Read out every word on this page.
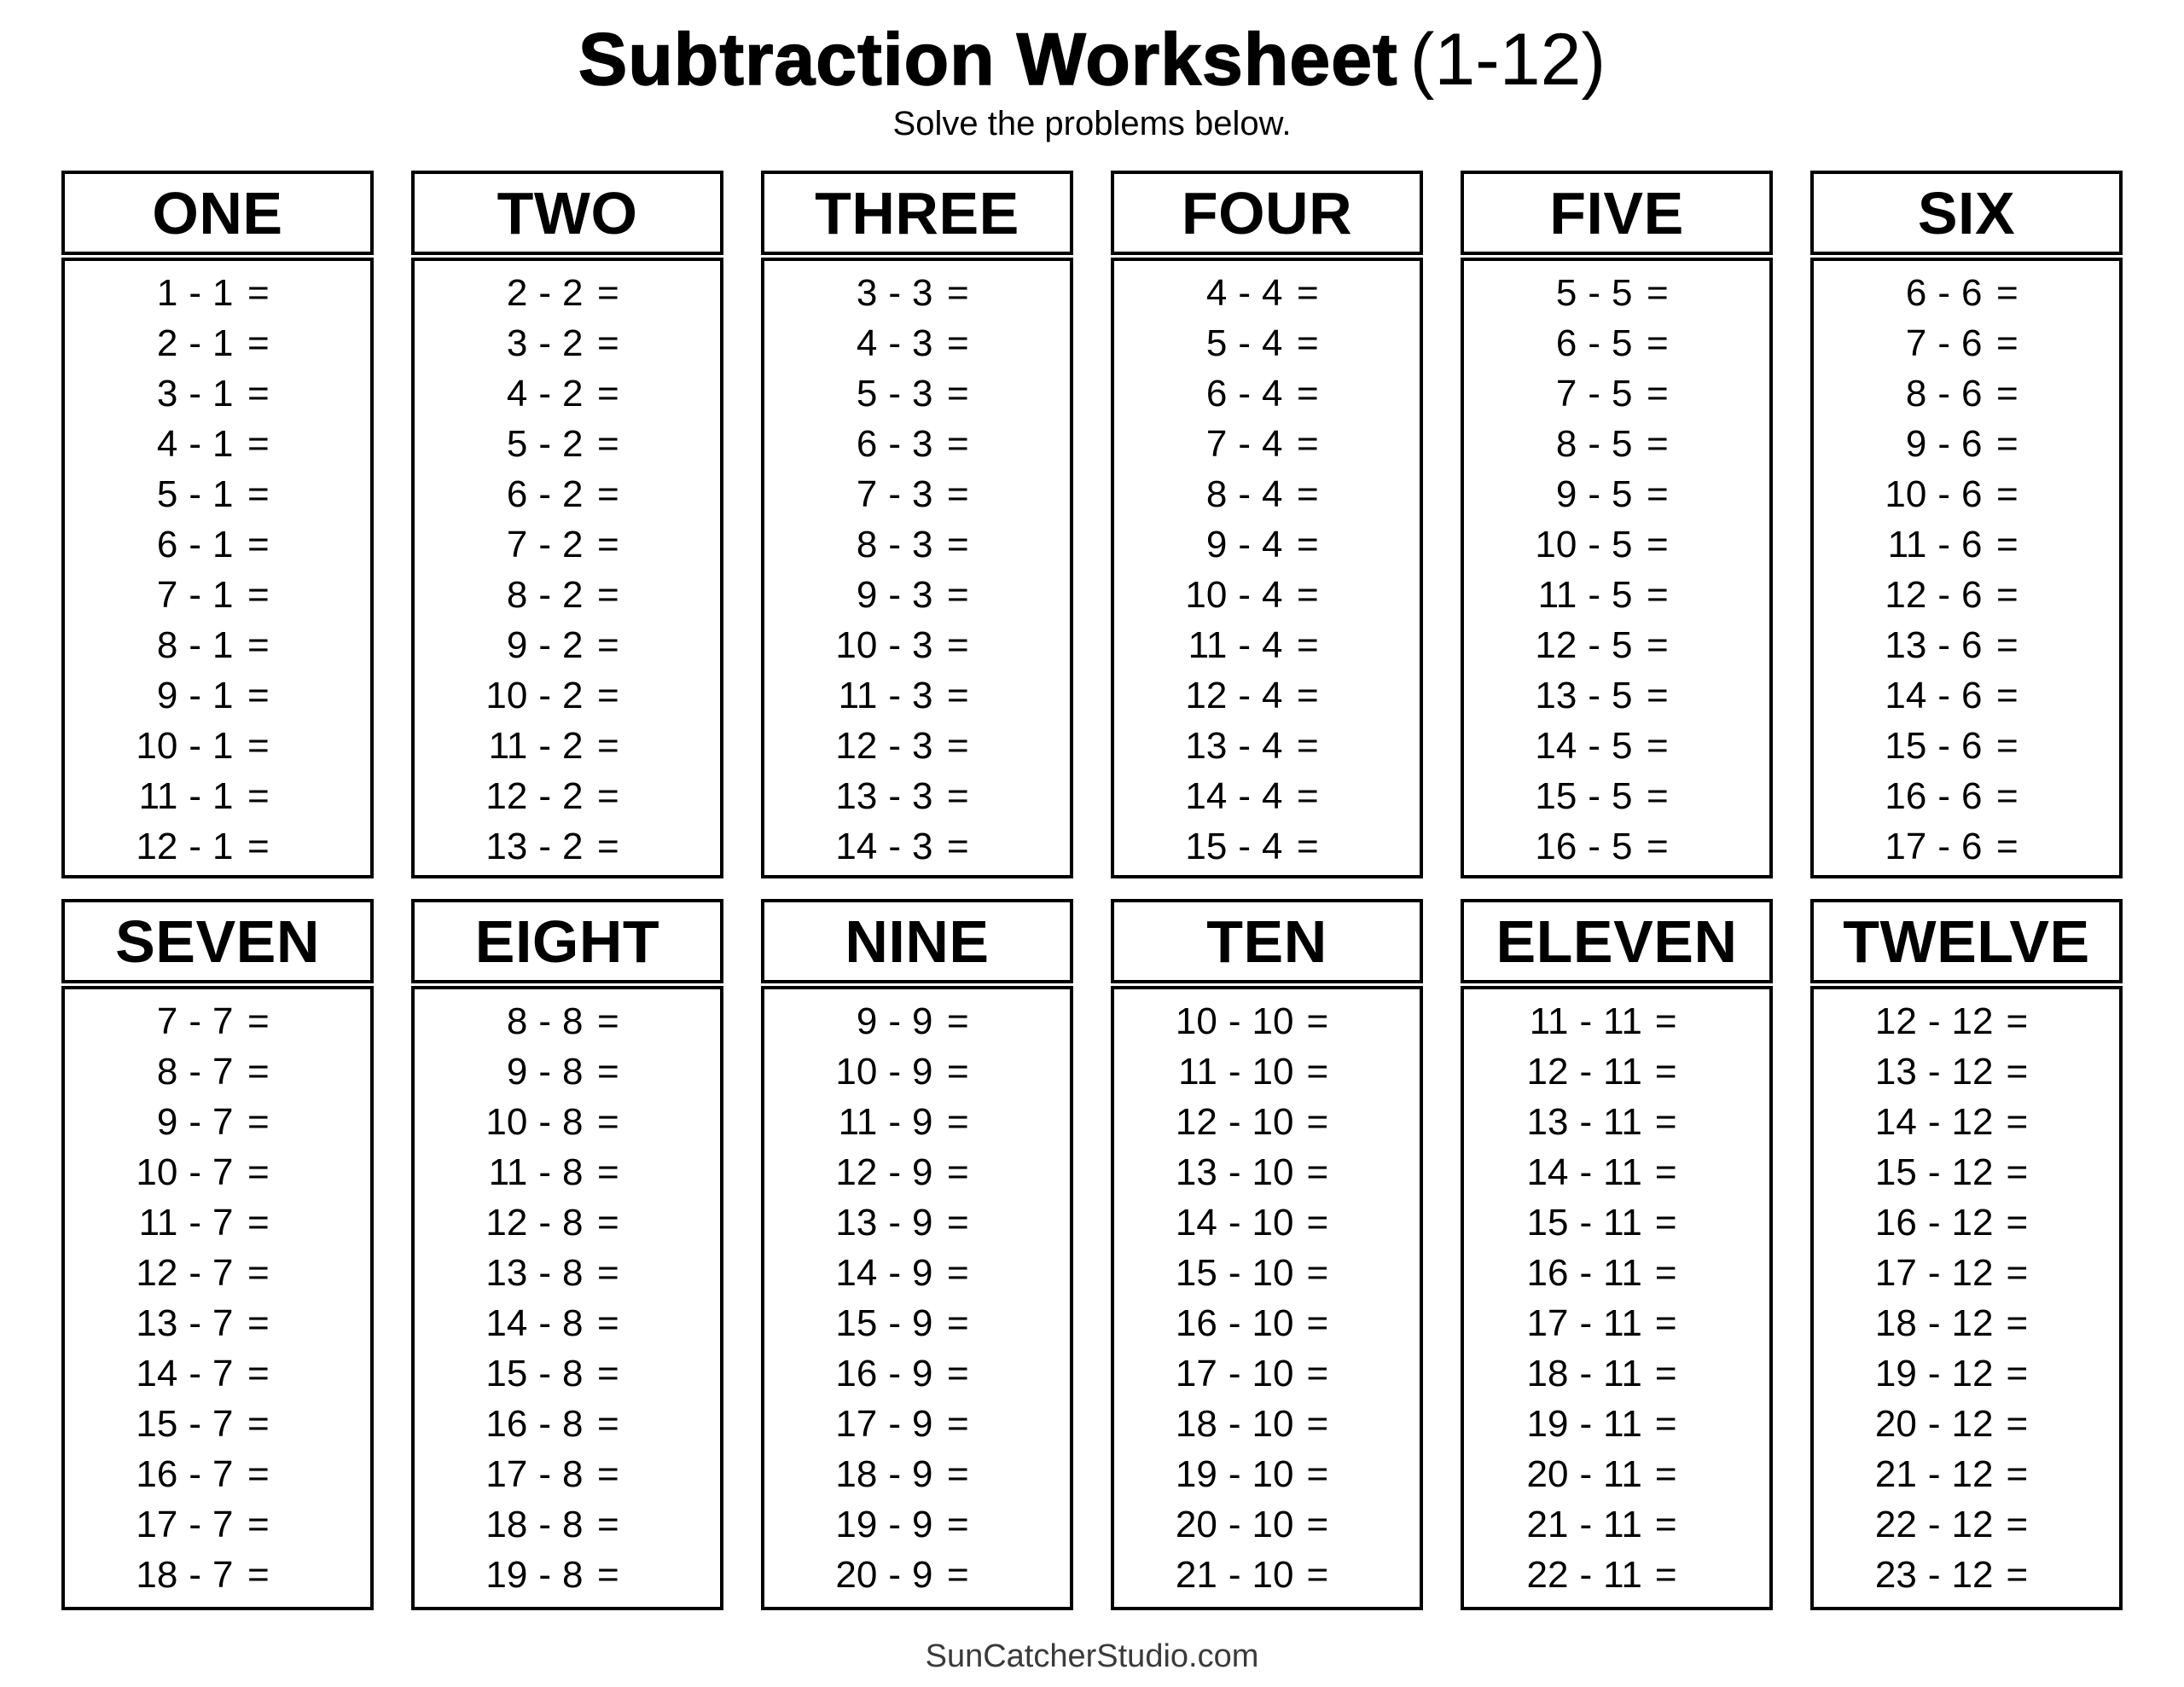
Subtraction Worksheet (1-12)
Solve the problems below.
ONE
1 - 1 =
2 - 1 =
3 - 1 =
4 - 1 =
5 - 1 =
6 - 1 =
7 - 1 =
8 - 1 =
9 - 1 =
10 - 1 =
11 - 1 =
12 - 1 =
TWO
2 - 2 =
3 - 2 =
4 - 2 =
5 - 2 =
6 - 2 =
7 - 2 =
8 - 2 =
9 - 2 =
10 - 2 =
11 - 2 =
12 - 2 =
13 - 2 =
THREE
3 - 3 =
4 - 3 =
5 - 3 =
6 - 3 =
7 - 3 =
8 - 3 =
9 - 3 =
10 - 3 =
11 - 3 =
12 - 3 =
13 - 3 =
14 - 3 =
FOUR
4 - 4 =
5 - 4 =
6 - 4 =
7 - 4 =
8 - 4 =
9 - 4 =
10 - 4 =
11 - 4 =
12 - 4 =
13 - 4 =
14 - 4 =
15 - 4 =
FIVE
5 - 5 =
6 - 5 =
7 - 5 =
8 - 5 =
9 - 5 =
10 - 5 =
11 - 5 =
12 - 5 =
13 - 5 =
14 - 5 =
15 - 5 =
16 - 5 =
SIX
6 - 6 =
7 - 6 =
8 - 6 =
9 - 6 =
10 - 6 =
11 - 6 =
12 - 6 =
13 - 6 =
14 - 6 =
15 - 6 =
16 - 6 =
17 - 6 =
SEVEN
7 - 7 =
8 - 7 =
9 - 7 =
10 - 7 =
11 - 7 =
12 - 7 =
13 - 7 =
14 - 7 =
15 - 7 =
16 - 7 =
17 - 7 =
18 - 7 =
EIGHT
8 - 8 =
9 - 8 =
10 - 8 =
11 - 8 =
12 - 8 =
13 - 8 =
14 - 8 =
15 - 8 =
16 - 8 =
17 - 8 =
18 - 8 =
19 - 8 =
NINE
9 - 9 =
10 - 9 =
11 - 9 =
12 - 9 =
13 - 9 =
14 - 9 =
15 - 9 =
16 - 9 =
17 - 9 =
18 - 9 =
19 - 9 =
20 - 9 =
TEN
10 - 10 =
11 - 10 =
12 - 10 =
13 - 10 =
14 - 10 =
15 - 10 =
16 - 10 =
17 - 10 =
18 - 10 =
19 - 10 =
20 - 10 =
21 - 10 =
ELEVEN
11 - 11 =
12 - 11 =
13 - 11 =
14 - 11 =
15 - 11 =
16 - 11 =
17 - 11 =
18 - 11 =
19 - 11 =
20 - 11 =
21 - 11 =
22 - 11 =
TWELVE
12 - 12 =
13 - 12 =
14 - 12 =
15 - 12 =
16 - 12 =
17 - 12 =
18 - 12 =
19 - 12 =
20 - 12 =
21 - 12 =
22 - 12 =
23 - 12 =
SunCatcherStudio.com
